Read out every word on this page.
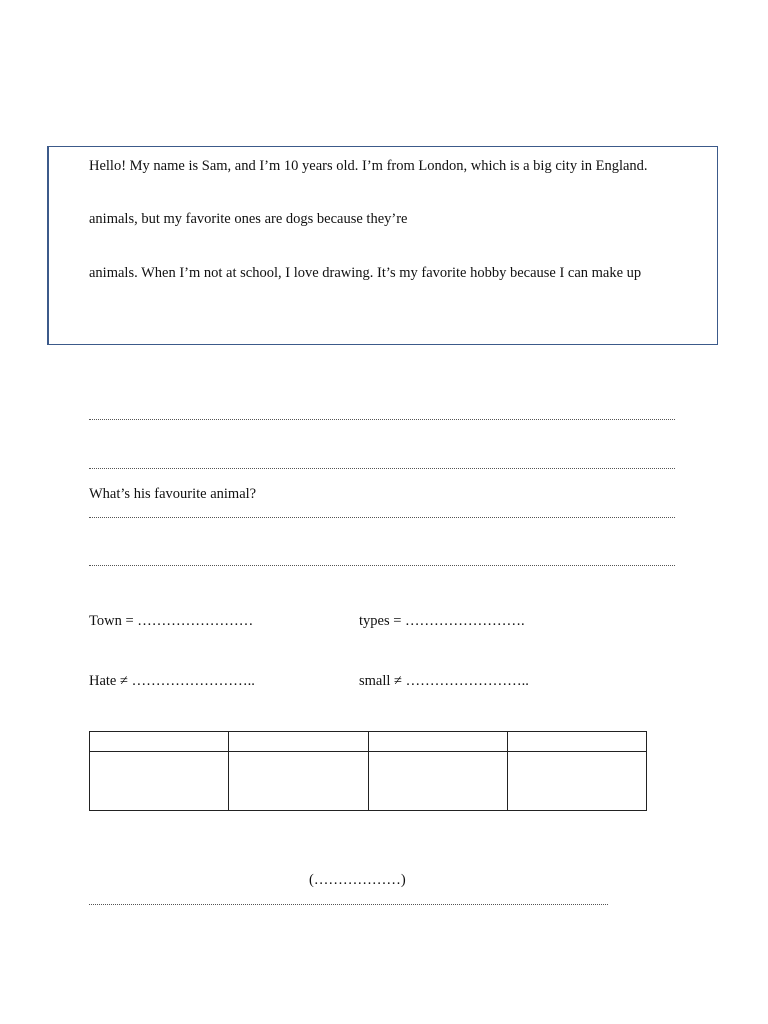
Hello! My name is Sam, and I’m 10 years old. I’m from London, which is a big city in England.
animals, but my favorite ones are dogs because they’re
animals. When I’m not at school, I love drawing. It’s my favorite hobby because I can make up
What’s his favourite animal?
Town = ……………………	types = …………………….
Hate ≠ ……………………..	small ≠ ……………………..

(………………)
